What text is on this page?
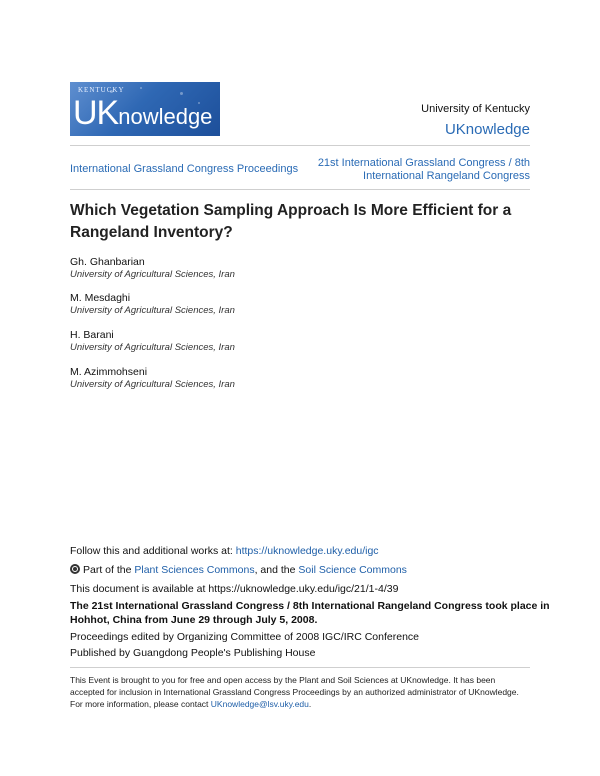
KENTUCKY
UKnowledge	University of Kentucky
UKnowledge
International Grassland Congress Proceedings	21st International Grassland Congress / 8th International Rangeland Congress
Which Vegetation Sampling Approach Is More Efficient for a Rangeland Inventory?
Gh. Ghanbarian
University of Agricultural Sciences, Iran
M. Mesdaghi
University of Agricultural Sciences, Iran
H. Barani
University of Agricultural Sciences, Iran
M. Azimmohseni
University of Agricultural Sciences, Iran
Follow this and additional works at: https://uknowledge.uky.edu/igc
Part of the Plant Sciences Commons, and the Soil Science Commons
This document is available at https://uknowledge.uky.edu/igc/21/1-4/39
The 21st International Grassland Congress / 8th International Rangeland Congress took place in
Hohhot, China from June 29 through July 5, 2008.
Proceedings edited by Organizing Committee of 2008 IGC/IRC Conference
Published by Guangdong People's Publishing House
This Event is brought to you for free and open access by the Plant and Soil Sciences at UKnowledge. It has been accepted for inclusion in International Grassland Congress Proceedings by an authorized administrator of UKnowledge. For more information, please contact UKnowledge@lsv.uky.edu.
